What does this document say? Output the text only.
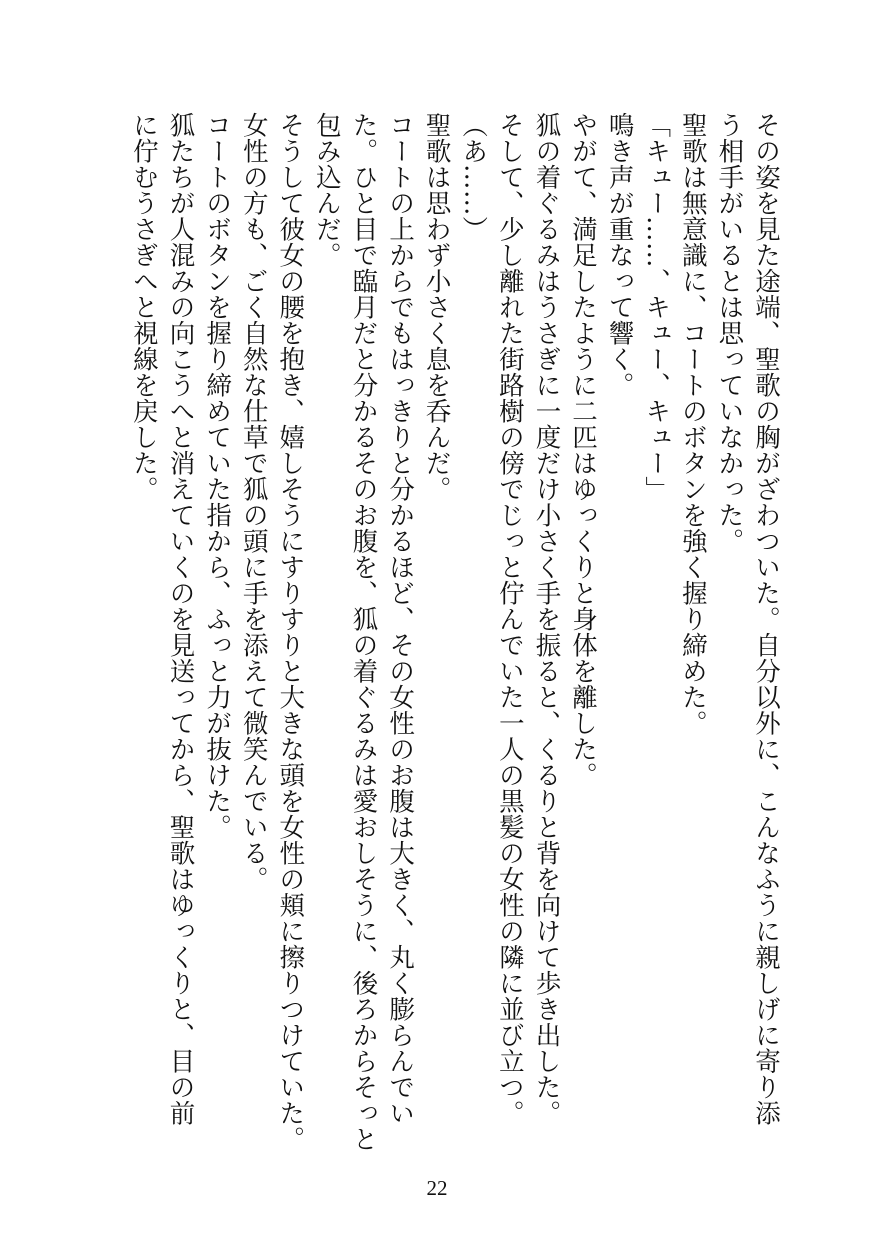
その姿を見た途端、聖歌の胸がざわついた。自分以外に、こんなふうに親しげに寄り添

う相手がいるとは思っていなかった。

聖歌は無意識に、コートのボタンを強く握り締めた。

「キュー……、キュー、キュー」

鳴き声が重なって響く。

やがて、満足したように二匹はゆっくりと身体を離した。

狐の着ぐるみはうさぎに一度だけ小さく手を振ると、くるりと背を向けて歩き出した。

そして、少し離れた街路樹の傍でじっと佇んでいた一人の黒髪の女性の隣に並び立つ。

（あ……）

聖歌は思わず小さく息を呑んだ。

コートの上からでもはっきりと分かるほど、その女性のお腹は大きく、丸く膨らんでい

た。ひと目で臨月だと分かるそのお腹を、狐の着ぐるみは愛おしそうに、後ろからそっと

包み込んだ。

そうして彼女の腰を抱き、嬉しそうにすりすりと大きな頭を女性の頬に擦りつけていた。

女性の方も、ごく自然な仕草で狐の頭に手を添えて微笑んでいる。

コートのボタンを握り締めていた指から、ふっと力が抜けた。

狐たちが人混みの向こうへと消えていくのを見送ってから、聖歌はゆっくりと、目の前

に佇むうさぎへと視線を戻した。

22
